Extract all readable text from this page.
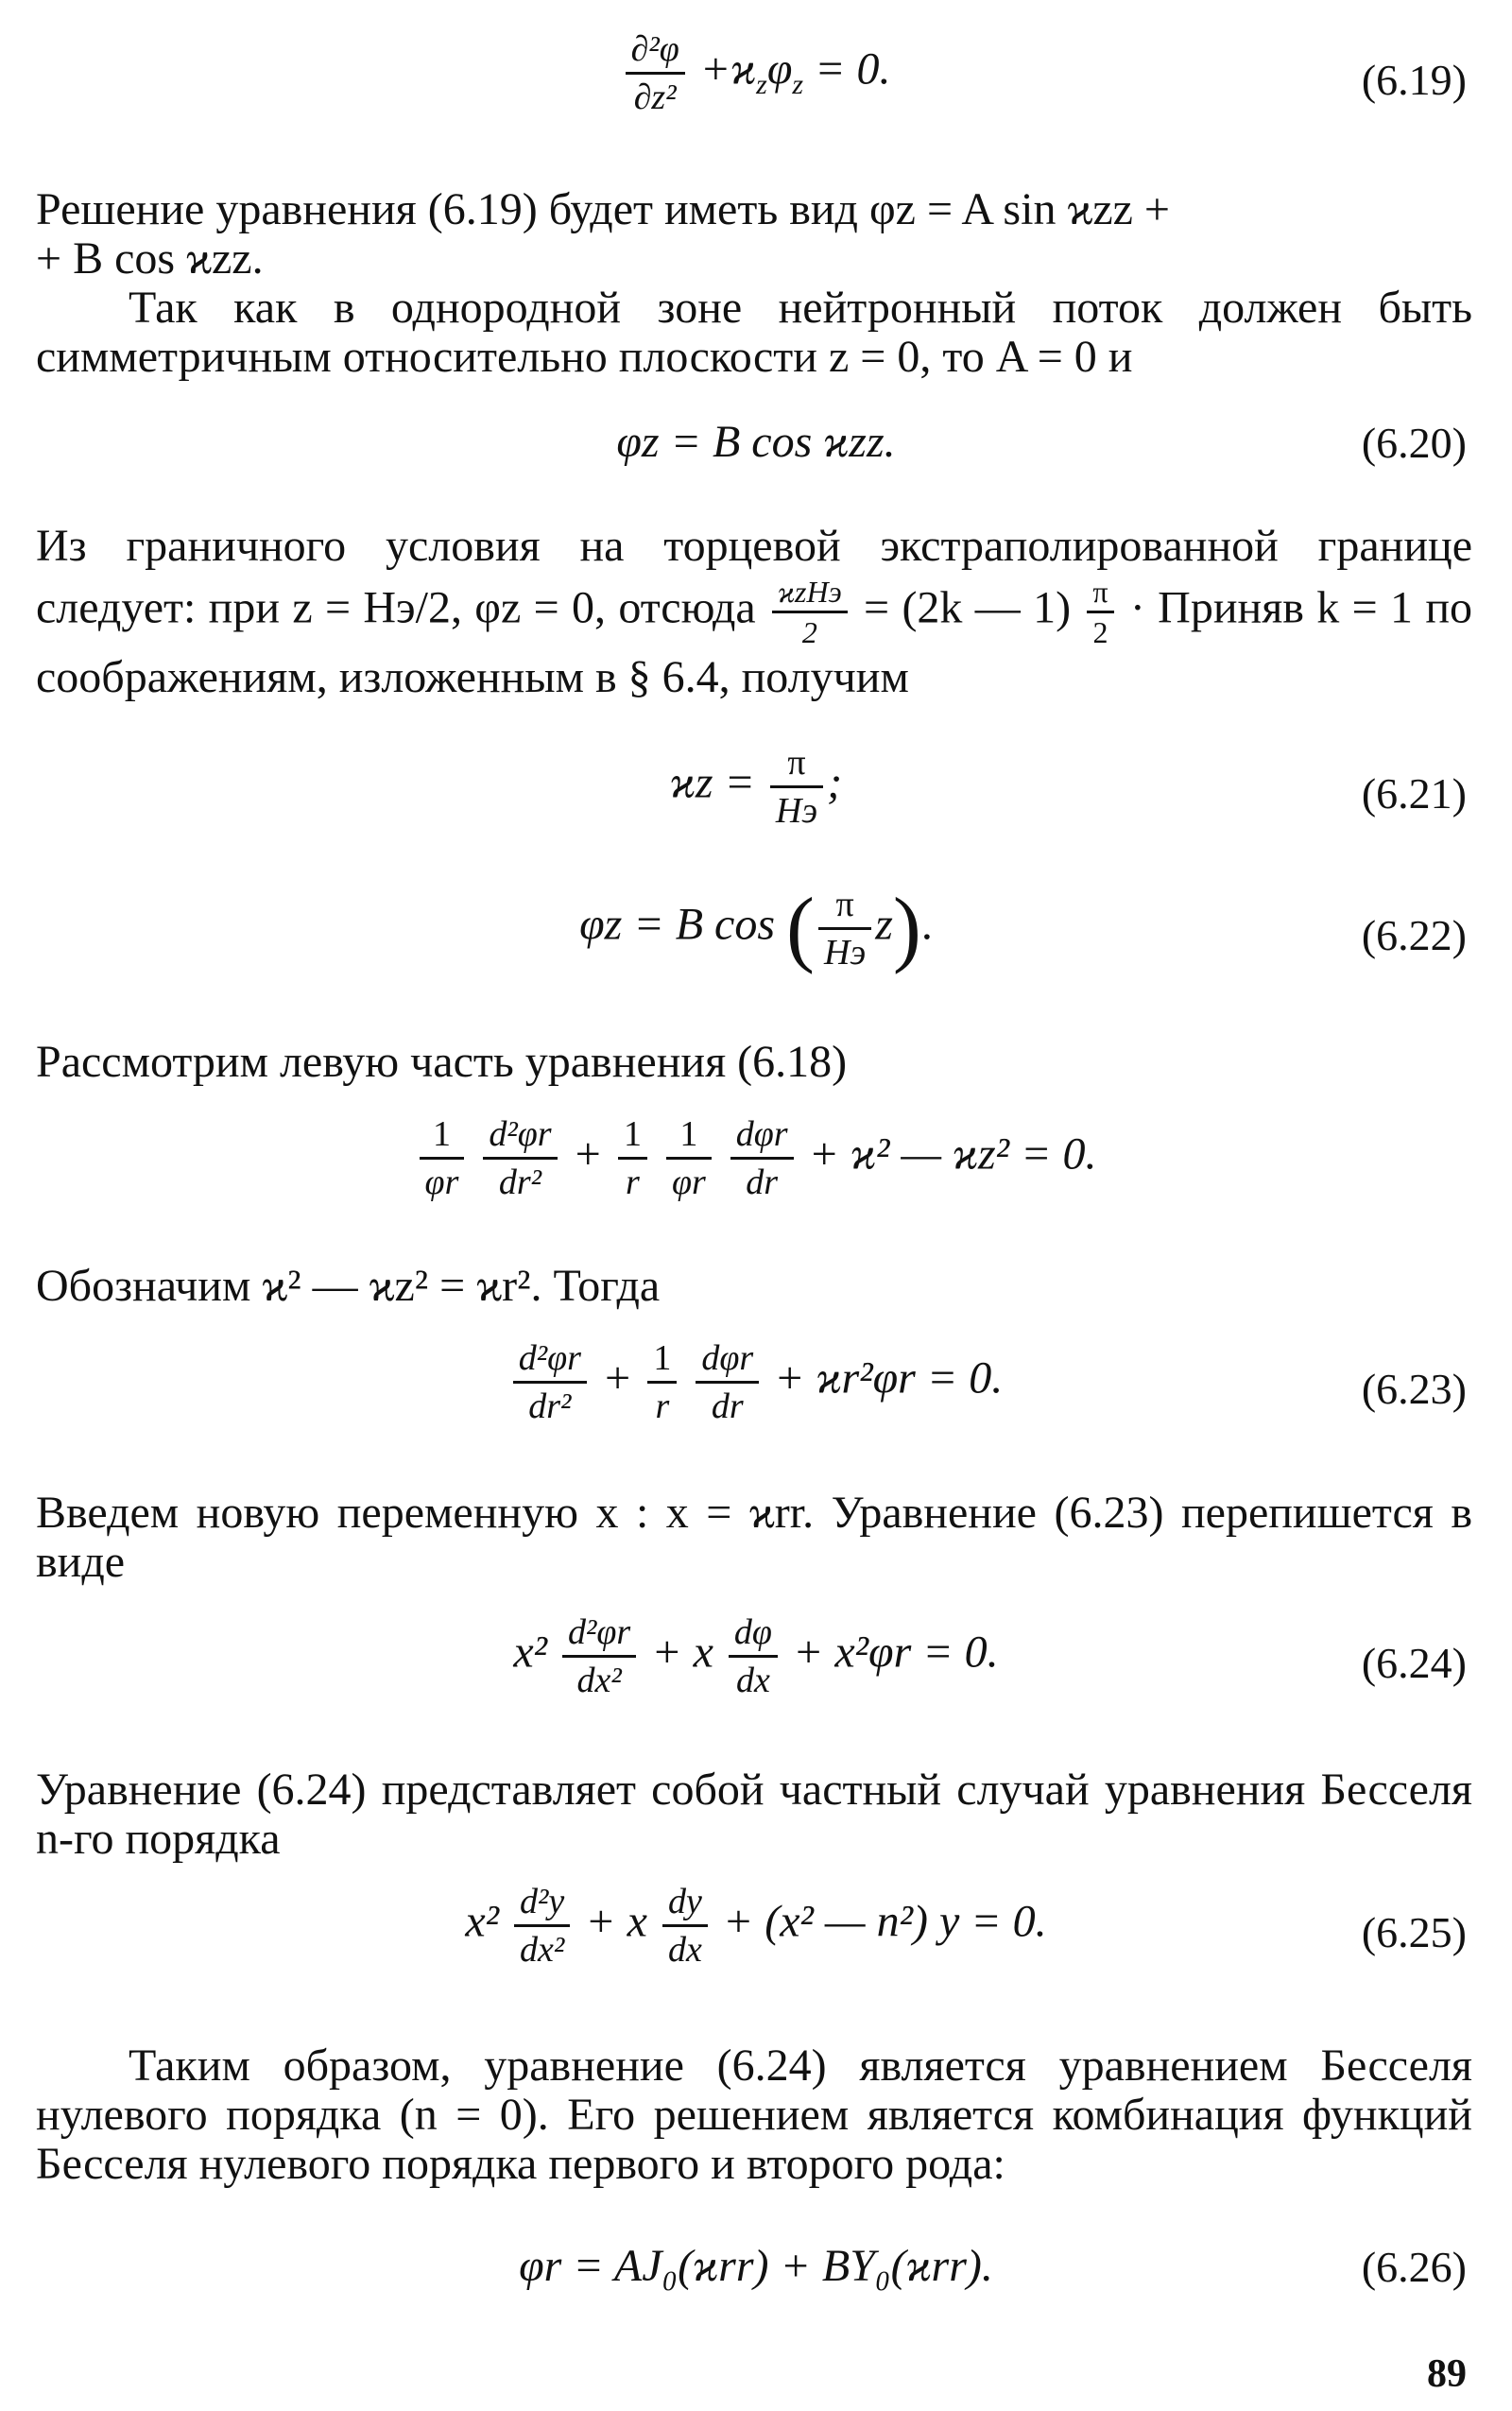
$\frac{\text{∂²φ}}{\text{∂z²}} +ϰ_z\varphi_z = 0$.	(6.19)
Решение уравнения (6.19) будет иметь вид φz = A sin ϰzz +
+ B cos ϰzz.
Так как в однородной зоне нейтронный поток должен быть симметричным относительно плоскости z = 0, то A = 0 и
φz = B cos ϰzz.	(6.20)
Из граничного условия на торцевой экстраполированной границе следует: при z = Hэ/2, φz = 0, отсюда $\frac{\text{ϰzHэ}}{2} = (2k$ — $1) \frac{\pi}{2}$ · Приняв k = 1 по соображениям, изложенным в § 6.4, получим
$ϰz = \frac{\pi}{Hэ}$ ;	(6.21)
φz = B cos ( $\frac{\pi}{Hэ} z$).	(6.22)
Рассмотрим левую часть уравнения (6.18)
$\frac{1}{\varphi r}$
$\frac{\text{d²φr}}{\text{dr²}} + \frac{1}{r}$
$\frac{1}{\varphi r}$
$\frac{\text{dφr}}{dr} + ϰ^2$ — ϰz² = 0.
Обозначим ϰ² — ϰz² = ϰr². Тогда
$\frac{\text{d²φr}}{\text{dr²}} + \frac{1}{r}$
$\frac{\text{dφr}}{dr} + ϰr^2\varphi r = 0$.	(6.23)
Введем новую переменную x : x = ϰrr. Уравнение (6.23) перепишется в виде
$x^2 \frac{\text{d²φr}}{\text{dx²}} + x \frac{d\varphi}{dx} + x^2\varphi r = 0$.	(6.24)
Уравнение (6.24) представляет собой частный случай уравнения Бесселя n-го порядка
$x^2 \frac{\text{d²y}}{\text{dx²}} + x \frac{dy}{dx} + (x^2$ — n²) y = 0.	(6.25)
Таким образом, уравнение (6.24) является уравнением Бесселя нулевого порядка (n = 0). Его решением является комбинация функций Бесселя нулевого порядка первого и второго рода:
φr = AJ₀(ϰrr) + BY₀(ϰrr).	(6.26)
89
